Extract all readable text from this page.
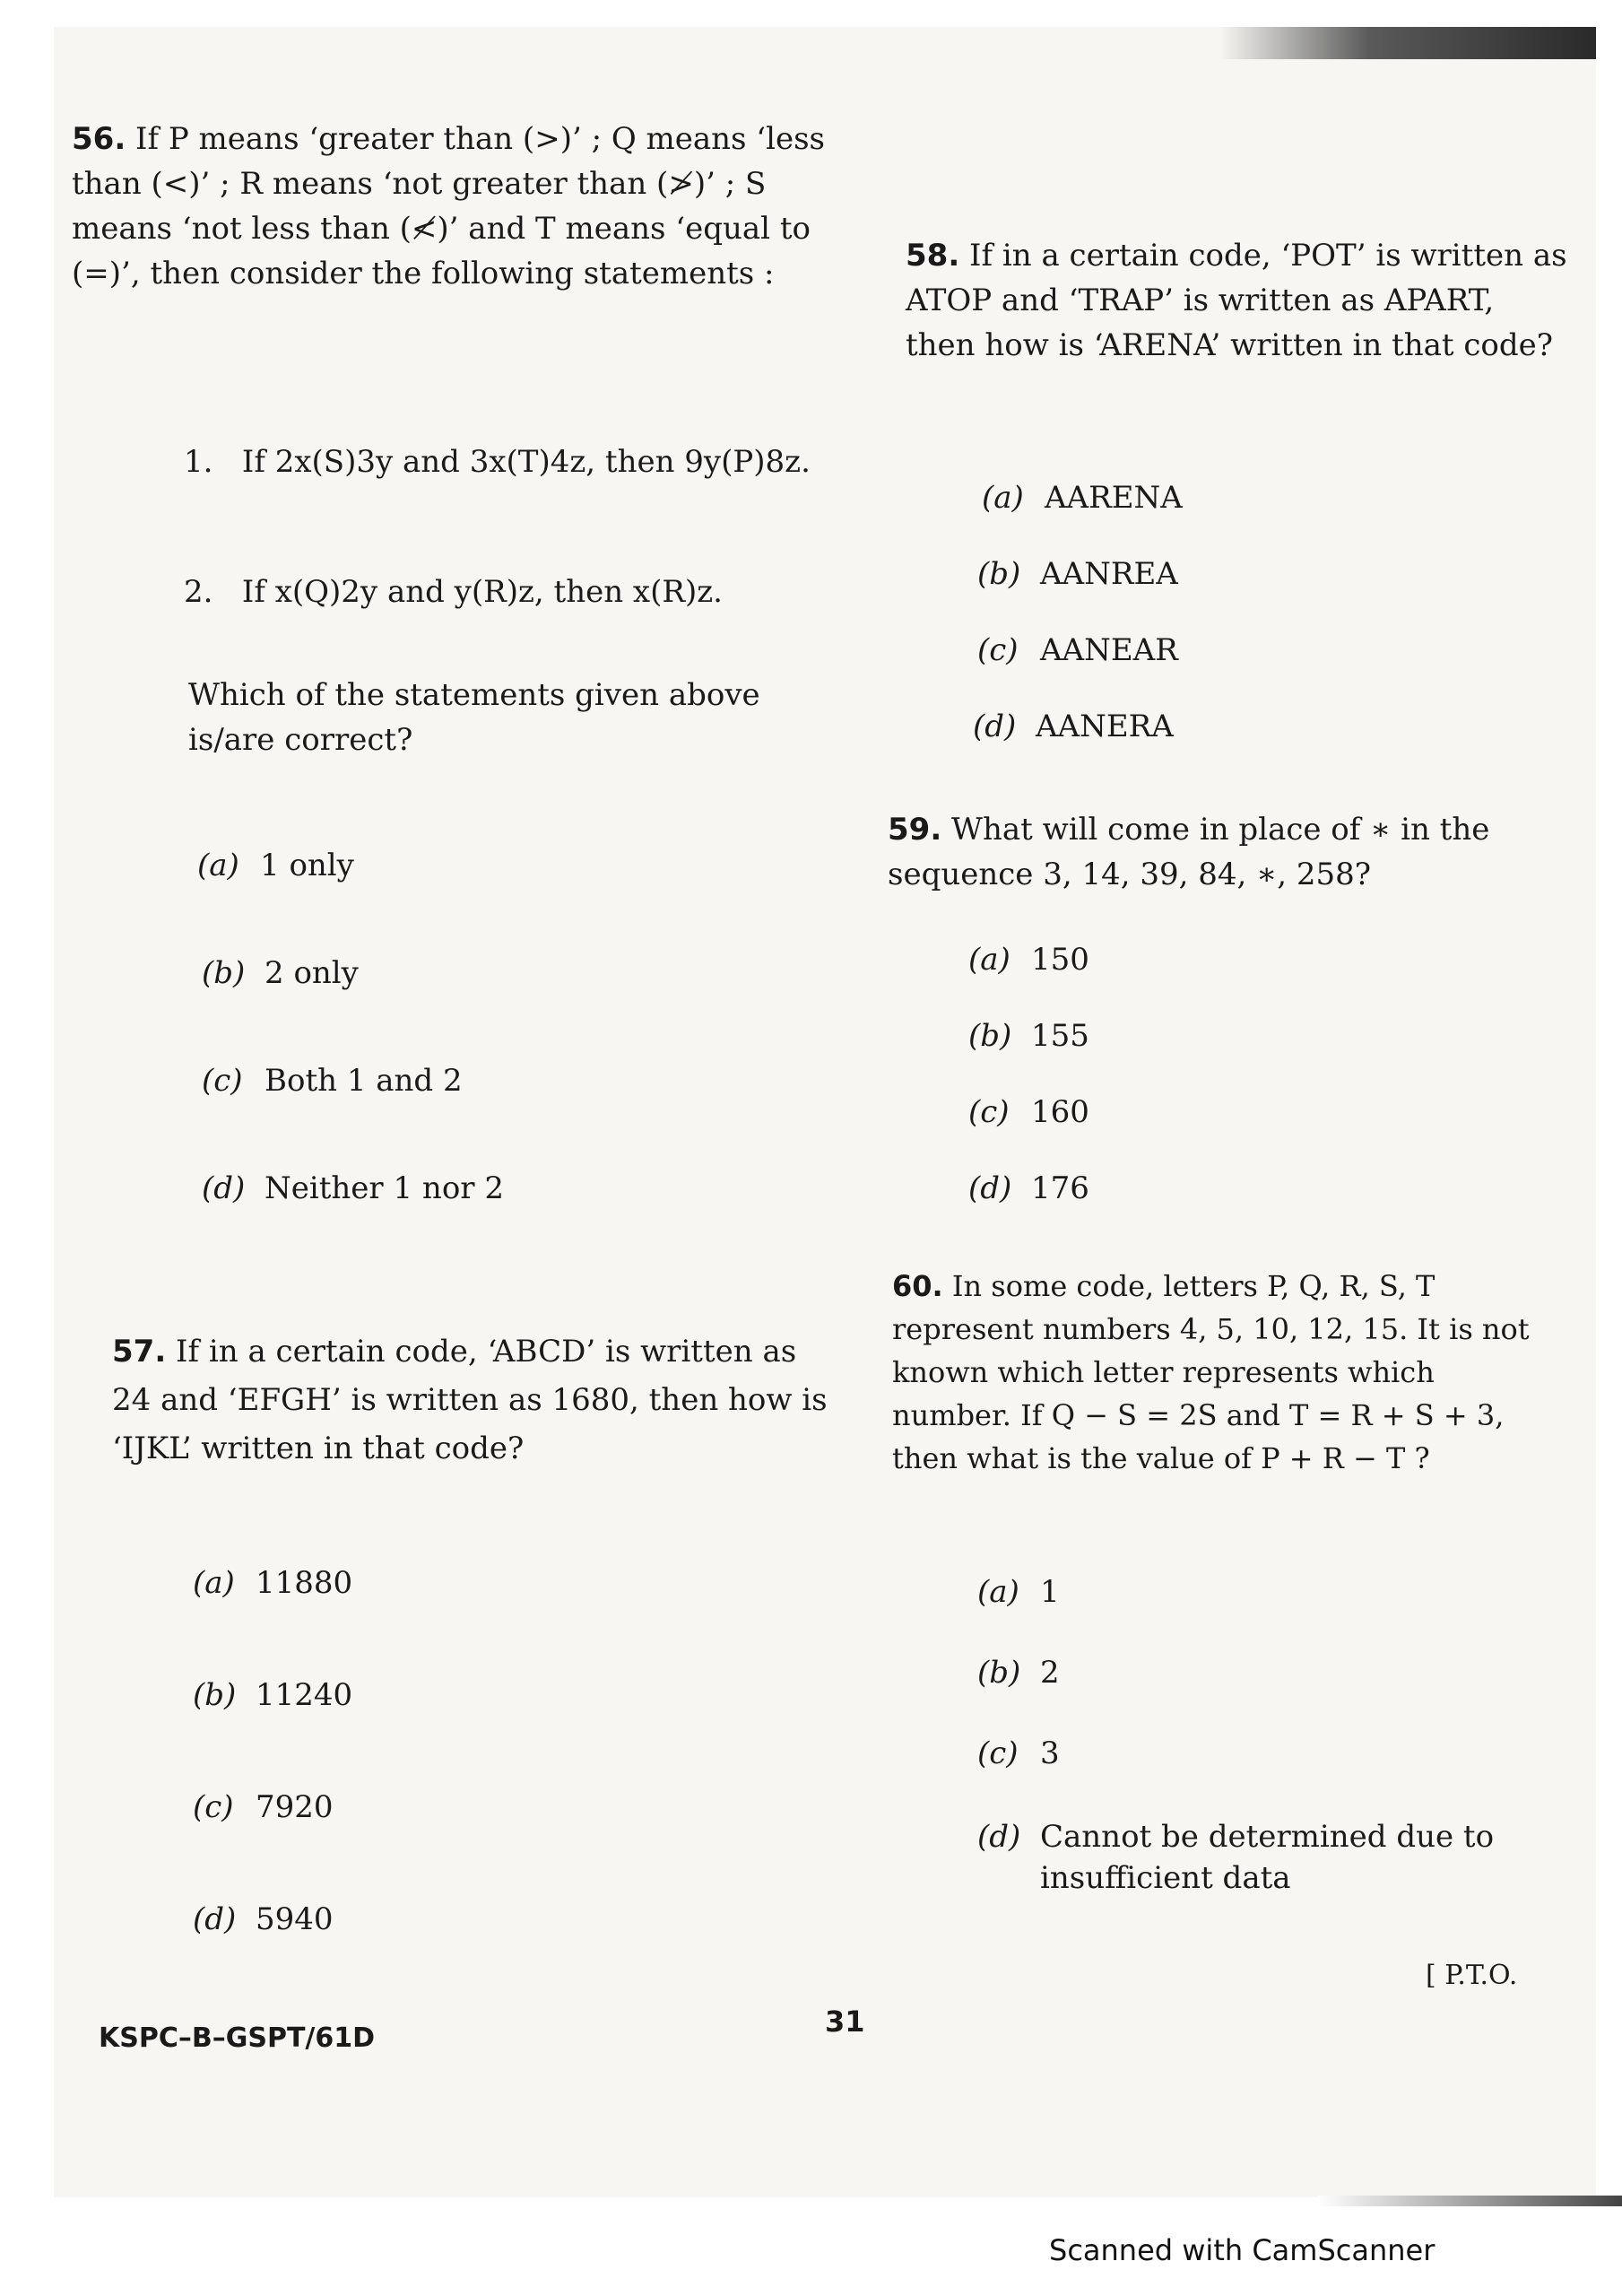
56. If P means ‘greater than (>)’ ; Q means ‘less than (<)’ ; R means ‘not greater than (≯)’ ; S means ‘not less than (≮)’ and T means ‘equal to (=)’, then consider the following statements :

1. If 2x(S)3y and 3x(T)4z, then 9y(P)8z.
2. If x(Q)2y and y(R)z, then x(R)z.
Which of the statements given above is/are correct?
(a) 1 only
(b) 2 only
(c) Both 1 and 2
(d) Neither 1 nor 2

57. If in a certain code, ‘ABCD’ is written as 24 and ‘EFGH’ is written as 1680, then how is ‘IJKL’ written in that code?

(a) 11880
(b) 11240
(c) 7920
(d) 5940

58. If in a certain code, ‘POT’ is written as ATOP and ‘TRAP’ is written as APART, then how is ‘ARENA’ written in that code?

(a) AARENA
(b) AANREA
(c) AANEAR
(d) AANERA

59. What will come in place of ∗ in the sequence 3, 14, 39, 84, ∗, 258?

(a) 150
(b) 155
(c) 160
(d) 176

60. In some code, letters P, Q, R, S, T represent numbers 4, 5, 10, 12, 15. It is not known which letter represents which number. If Q − S = 2S and T = R + S + 3, then what is the value of P + R − T ?

(a) 1
(b) 2
(c) 3
(d) Cannot be determined due to insufficient data
[ P.T.O.
31
KSPC–B–GSPT/61D
Scanned with CamScanner
